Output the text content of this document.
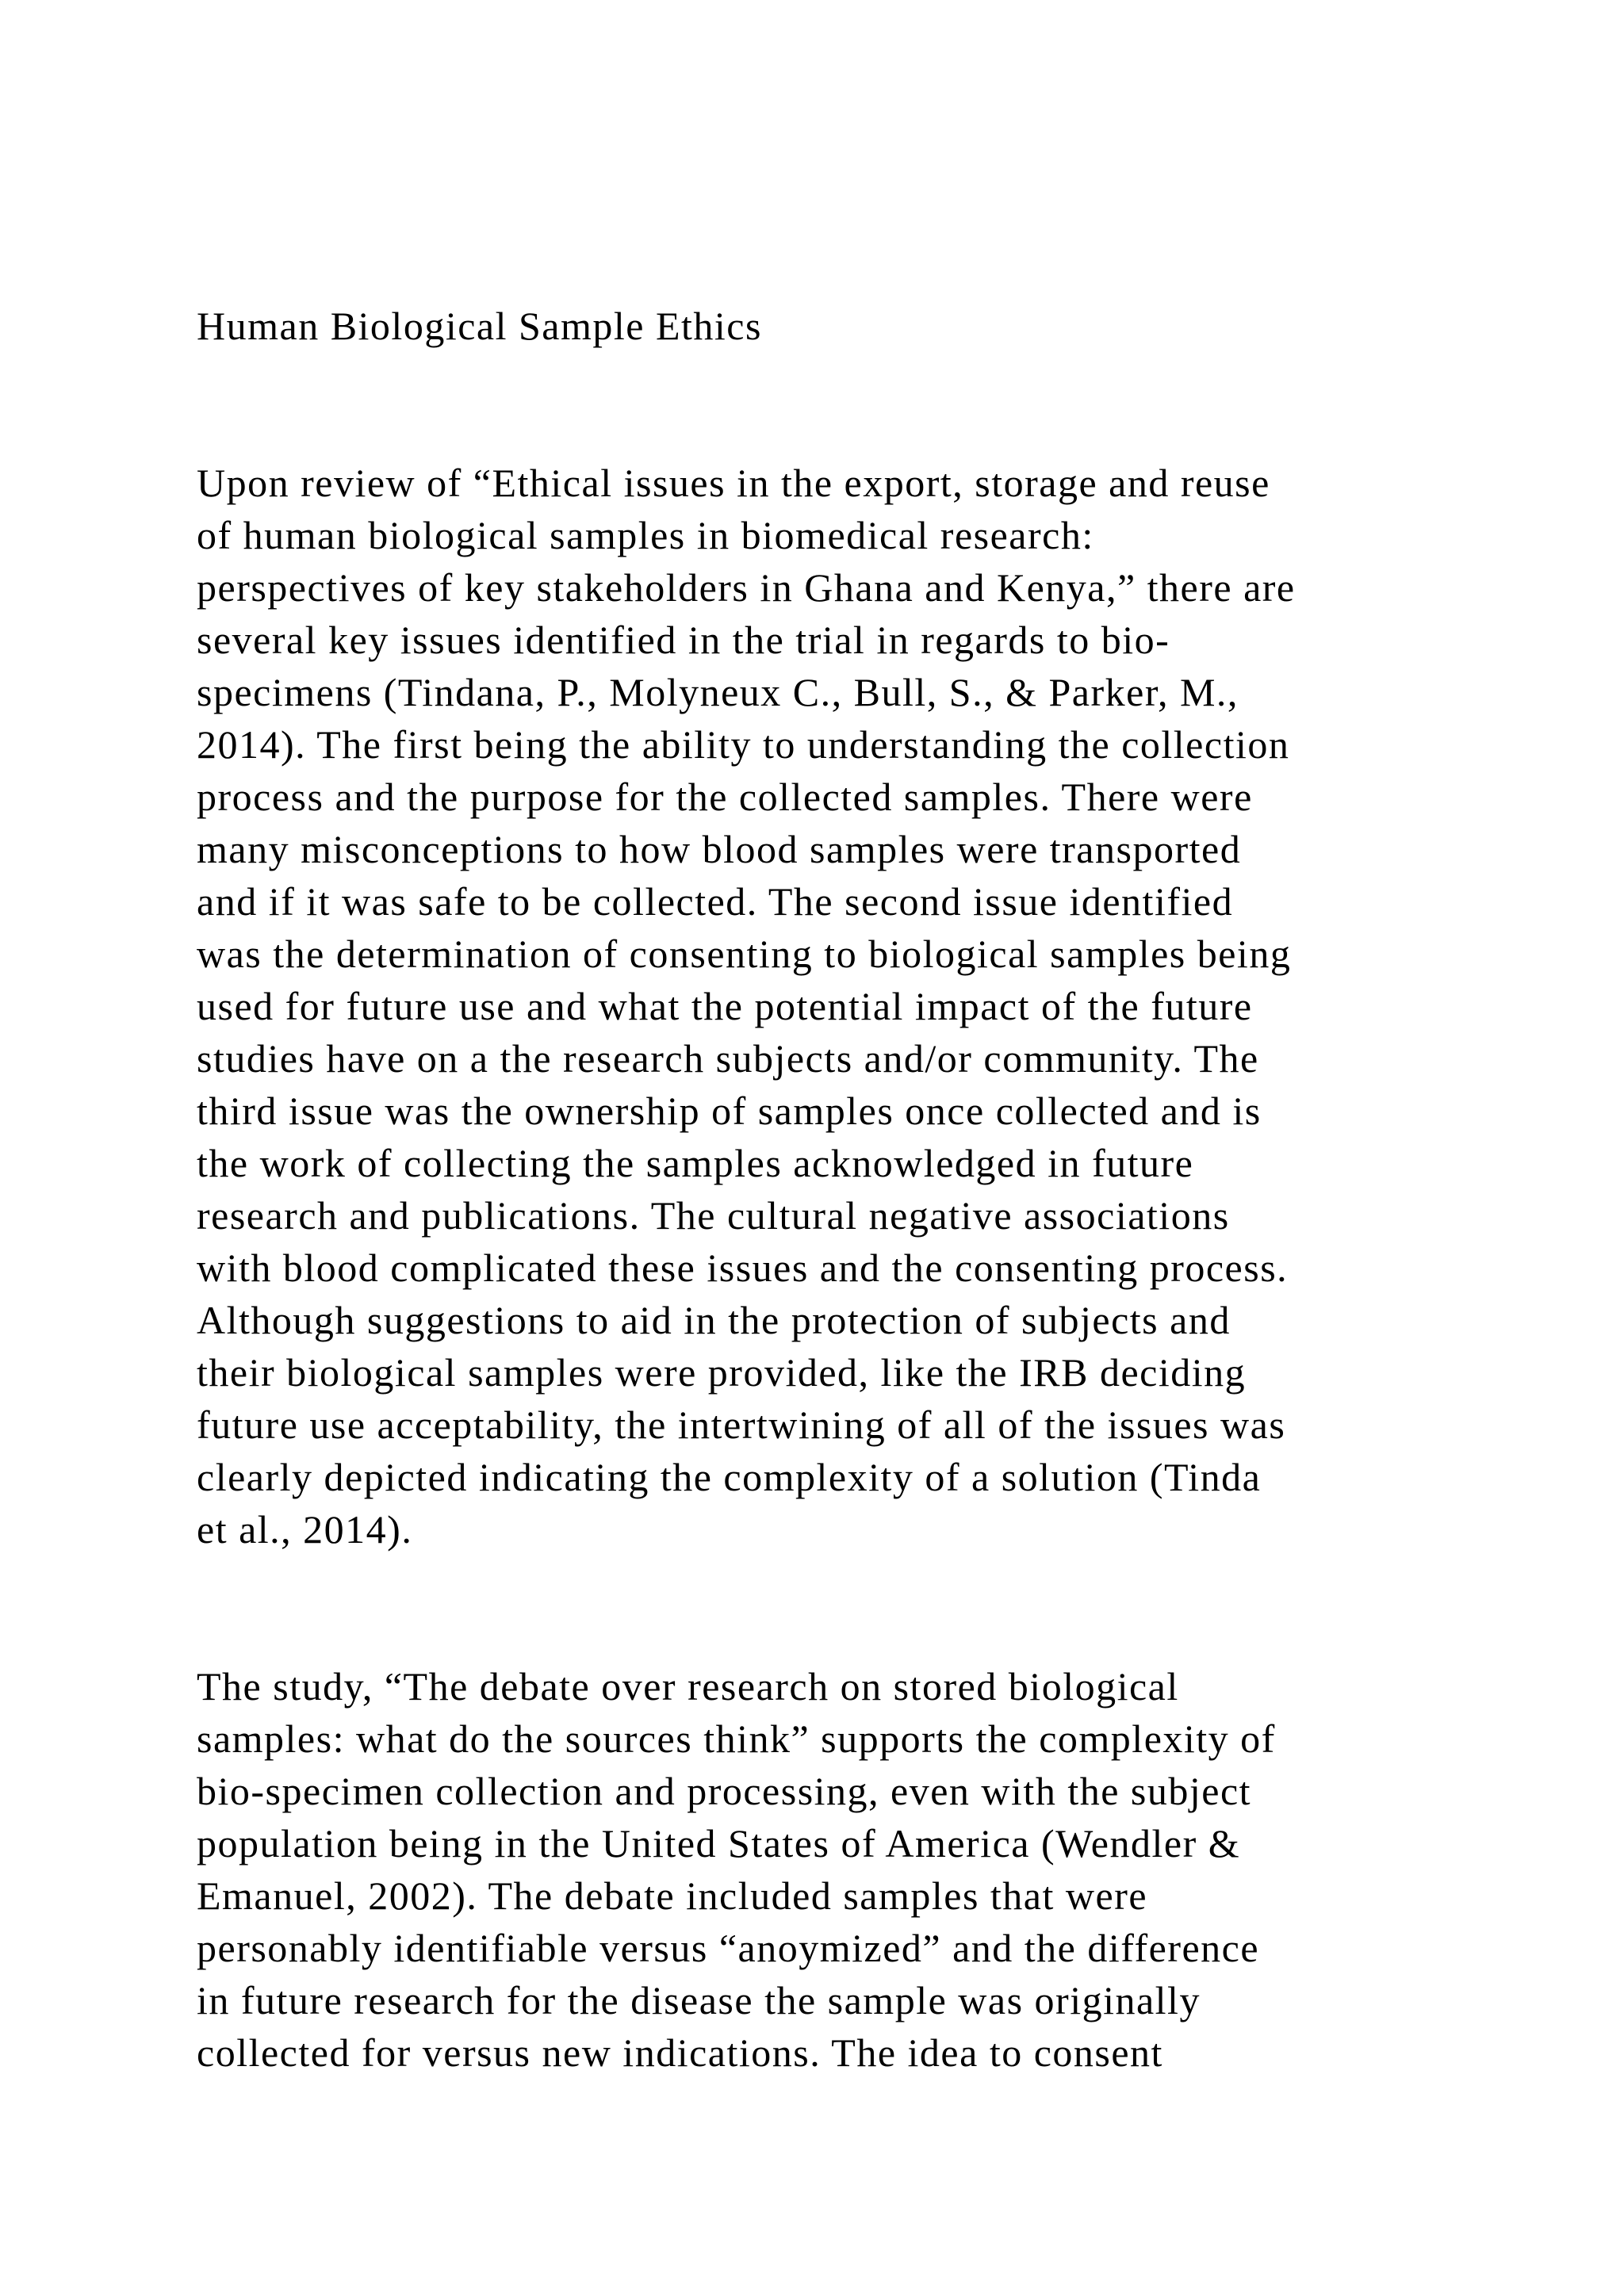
Human Biological Sample Ethics
Upon review of “Ethical issues in the export, storage and reuse
of human biological samples in biomedical research:
perspectives of key stakeholders in Ghana and Kenya,” there are
several key issues identified in the trial in regards to bio-
specimens (Tindana, P., Molyneux C., Bull, S., & Parker, M.,
2014). The first being the ability to understanding the collection
process and the purpose for the collected samples. There were
many misconceptions to how blood samples were transported
and if it was safe to be collected. The second issue identified
was the determination of consenting to biological samples being
used for future use and what the potential impact of the future
studies have on a the research subjects and/or community. The
third issue was the ownership of samples once collected and is
the work of collecting the samples acknowledged in future
research and publications. The cultural negative associations
with blood complicated these issues and the consenting process.
Although suggestions to aid in the protection of subjects and
their biological samples were provided, like the IRB deciding
future use acceptability, the intertwining of all of the issues was
clearly depicted indicating the complexity of a solution (Tinda
et al., 2014).
The study, “The debate over research on stored biological
samples: what do the sources think” supports the complexity of
bio-specimen collection and processing, even with the subject
population being in the United States of America (Wendler &
Emanuel, 2002). The debate included samples that were
personably identifiable versus “anoymized” and the difference
in future research for the disease the sample was originally
collected for versus new indications. The idea to consent
